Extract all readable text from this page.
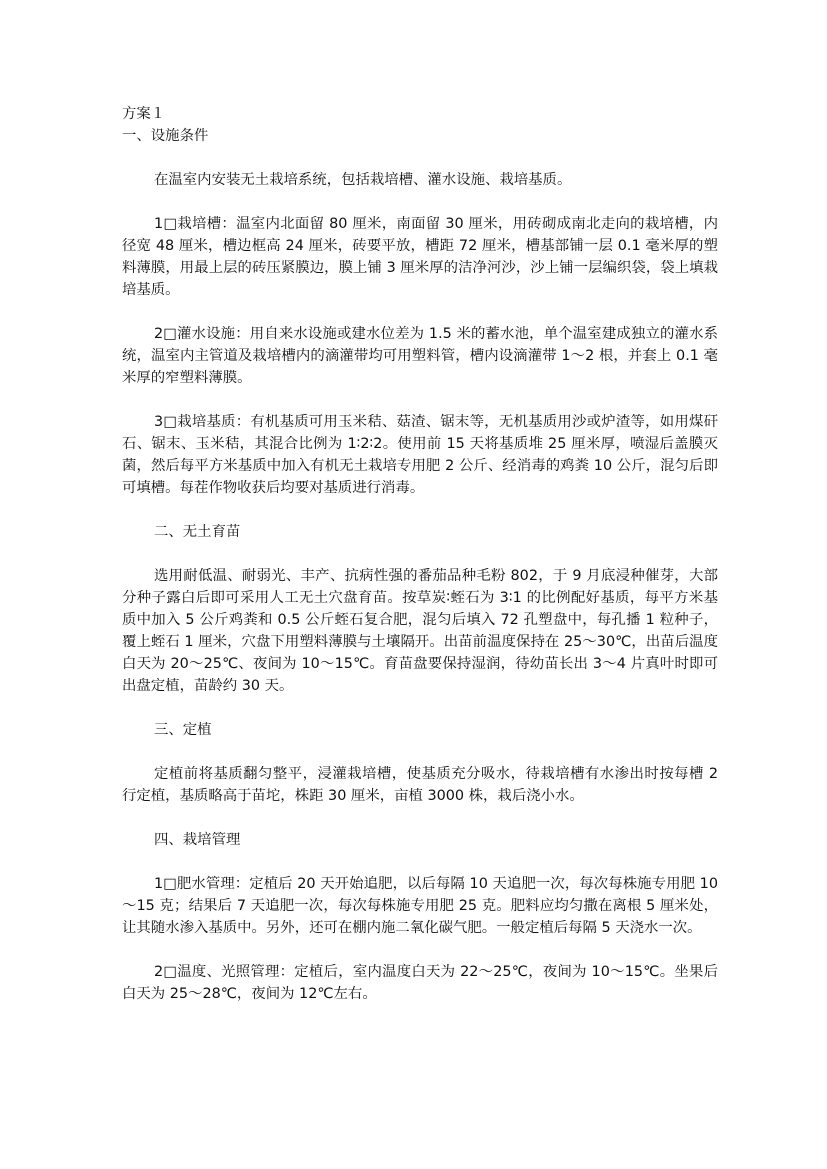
方案１

一、设施条件

在温室内安装无土栽培系统，包括栽培槽、灌水设施、栽培基质。

1□栽培槽：温室内北面留 80 厘米，南面留 30 厘米，用砖砌成南北走向的栽培槽，内径宽 48 厘米，槽边框高 24 厘米，砖要平放，槽距 72 厘米，槽基部铺一层 0.1 毫米厚的塑料薄膜，用最上层的砖压紧膜边，膜上铺 3 厘米厚的洁净河沙，沙上铺一层编织袋，袋上填栽培基质。

2□灌水设施：用自来水设施或建水位差为 1.5 米的蓄水池，单个温室建成独立的灌水系统，温室内主管道及栽培槽内的滴灌带均可用塑料管，槽内设滴灌带 1～2 根，并套上 0.1 毫米厚的窄塑料薄膜。

3□栽培基质：有机基质可用玉米秸、菇渣、锯末等，无机基质用沙或炉渣等，如用煤矸石、锯末、玉米秸，其混合比例为 1∶2∶2。使用前 15 天将基质堆 25 厘米厚，喷湿后盖膜灭菌，然后每平方米基质中加入有机无土栽培专用肥 2 公斤、经消毒的鸡粪 10 公斤，混匀后即可填槽。每茬作物收获后均要对基质进行消毒。

二、无土育苗

选用耐低温、耐弱光、丰产、抗病性强的番茄品种毛粉 802，于 9 月底浸种催芽，大部分种子露白后即可采用人工无土穴盘育苗。按草炭∶蛭石为 3∶1 的比例配好基质，每平方米基质中加入 5 公斤鸡粪和 0.5 公斤蛭石复合肥，混匀后填入 72 孔塑盘中，每孔播 1 粒种子，覆上蛭石 1 厘米，穴盘下用塑料薄膜与土壤隔开。出苗前温度保持在 25～30℃，出苗后温度白天为 20～25℃、夜间为 10～15℃。育苗盘要保持湿润，待幼苗长出 3～4 片真叶时即可出盘定植，苗龄约 30 天。

三、定植

定植前将基质翻匀整平，浸灌栽培槽，使基质充分吸水，待栽培槽有水渗出时按每槽 2 行定植，基质略高于苗坨，株距 30 厘米，亩植 3000 株，栽后浇小水。

四、栽培管理

1□肥水管理：定植后 20 天开始追肥，以后每隔 10 天追肥一次，每次每株施专用肥 10～15 克；结果后 7 天追肥一次，每次每株施专用肥 25 克。肥料应均匀撒在离根 5 厘米处，让其随水渗入基质中。另外，还可在棚内施二氧化碳气肥。一般定植后每隔 5 天浇水一次。

2□温度、光照管理：定植后，室内温度白天为 22～25℃，夜间为 10～15℃。坐果后白天为 25～28℃，夜间为 12℃左右。
